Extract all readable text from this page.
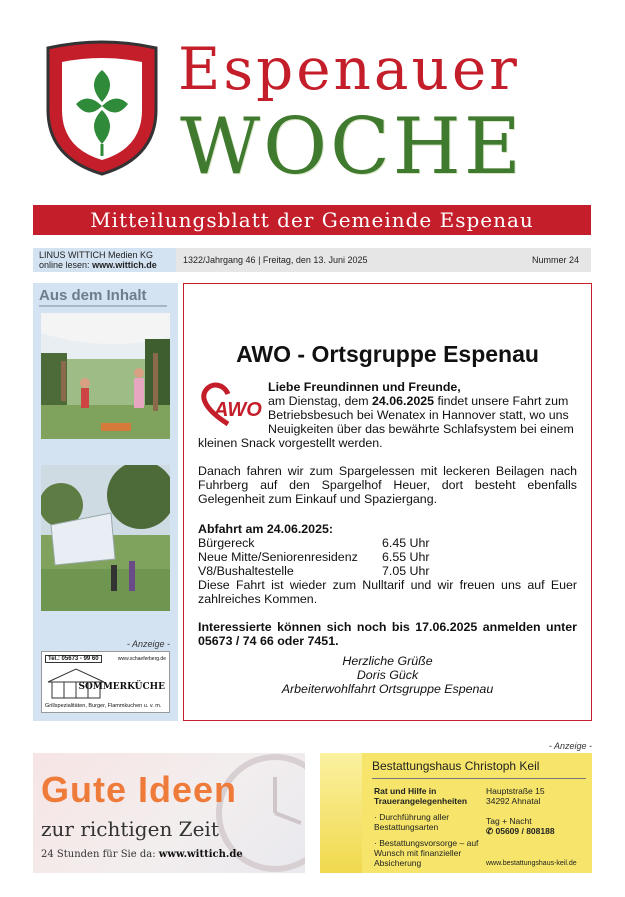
Espenauer
WOCHE
Mitteilungsblatt der Gemeinde Espenau
LINUS WITTICH Medien KG
online lesen: www.wittich.de	1322/Jahrgang 46 | Freitag, den 13. Juni 2025	Nummer 24
Aus dem Inhalt
- Anzeige -
Tel.: 05673 - 99 60	www.schaeferberg.de
SOMMERKÜCHE
Grillspezialitäten, Burger, Flammkuchen u. v. m.
AWO - Ortsgruppe Espenau
AWO
Liebe Freundinnen und Freunde,
am Dienstag, dem 24.06.2025 findet unsere Fahrt zum
Betriebsbesuch bei Wenatex in Hannover statt, wo uns
Neuigkeiten über das bewährte Schlafsystem bei einem
kleinen Snack vorgestellt werden.

Danach fahren wir zum Spargelessen mit leckeren Beilagen nach Fuhrberg auf den Spargelhof Heuer, dort besteht ebenfalls Gelegenheit zum Einkauf und Spaziergang.

Abfahrt am 24.06.2025:
Bürgereck	6.45 Uhr
Neue Mitte/Seniorenresidenz	6.55 Uhr
V8/Bushaltestelle	7.05 Uhr

Diese Fahrt ist wieder zum Nulltarif und wir freuen uns auf Euer zahlreiches Kommen.

Interessierte können sich noch bis 17.06.2025 anmelden unter 05673 / 74 66 oder 7451.

Herzliche Grüße
Doris Gück
Arbeiterwohlfahrt Ortsgruppe Espenau
- Anzeige -
Gute Ideen
zur richtigen Zeit
24 Stunden für Sie da: www.wittich.de
Bestattungshaus Christoph Keil
Rat und Hilfe in Trauerangelegenheiten
· Durchführung aller Bestattungsarten
· Bestattungsvorsorge – auf Wunsch mit finanzieller Absicherung
Hauptstraße 15
34292 Ahnatal
Tag + Nacht
✆ 05609 / 808188
www.bestattungshaus-keil.de
